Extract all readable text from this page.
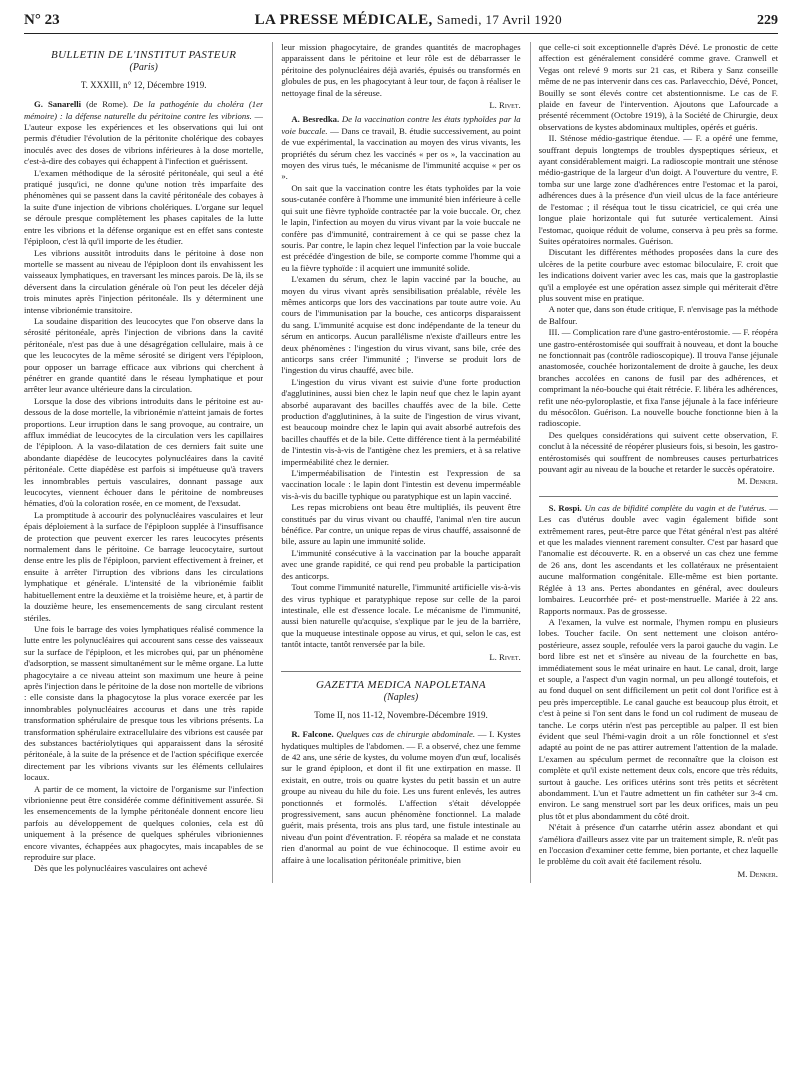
N° 23	LA PRESSE MÉDICALE, Samedi, 17 Avril 1920	229
BULLETIN DE L'INSTITUT PASTEUR
(Paris)
T. XXXIII, n° 12, Décembre 1919.

G. Sanarelli (de Rome). De la pathogénie du choléra (1er mémoire) : la défense naturelle du péritoine contre les vibrions. — L'auteur expose les expériences et les observations qui lui ont permis d'étudier l'évolution de la péritonite cholérique des cobayes inoculés avec des doses de vibrions inférieures à la dose mortelle, c'est-à-dire des cobayes qui échappent à l'infection et guérissent.

L'examen méthodique de la sérosité péritonéale, qui seul a été pratiqué jusqu'ici, ne donne qu'une notion très imparfaite des phénomènes qui se passent dans la cavité péritonéale des cobayes à la suite d'une injection de vibrions cholériques. L'organe sur lequel se déroule presque complètement les phases capitales de la lutte entre les vibrions et la défense organique est en effet sans conteste l'épiploon, c'est là qu'il importe de les étudier.

Les vibrions aussitôt introduits dans le péritoine à dose non mortelle se massent au niveau de l'épiploon dont ils envahissent les vaisseaux lymphatiques, en traversant les minces parois. De là, ils se déversent dans la circulation générale où l'on peut les déceler déjà trois minutes après l'injection péritonéale. Ils y déterminent une intense vibrionémie transitoire.

La soudaine disparition des leucocytes que l'on observe dans la sérosité péritonéale, après l'injection de vibrions dans la cavité péritonéale, n'est pas due à une désagrégation cellulaire, mais à ce que les leucocytes de la même sérosité se dirigent vers l'épiploon, pour opposer un barrage efficace aux vibrions qui cherchent à pénétrer en grande quantité dans le réseau lymphatique et pour arrêter leur avance ultérieure dans la circulation.

Lorsque la dose des vibrions introduits dans le péritoine est au-dessous de la dose mortelle, la vibrionémie n'atteint jamais de fortes proportions. Leur irruption dans le sang provoque, au contraire, un afflux immédiat de leucocytes de la circulation vers les capillaires de l'épiploon. A la vaso-dilatation de ces derniers fait suite une abondante diapédèse de leucocytes polynucléaires dans la cavité péritonéale. Cette diapédèse est parfois si impétueuse qu'à travers les innombrables pertuis vasculaires, donnant passage aux leucocytes, viennent échouer dans le péritoine de nombreuses hématies, d'où la coloration rosée, en ce moment, de l'exsudat.

La promptitude à accourir des polynucléaires vasculaires et leur épais déploiement à la surface de l'épiploon supplée à l'insuffisance de protection que peuvent exercer les rares leucocytes présents normalement dans le péritoine. Ce barrage leucocytaire, surtout dense entre les plis de l'épiploon, parvient effectivement à freiner, et ensuite à arrêter l'irruption des vibrions dans les circulations lymphatique et générale. L'intensité de la vibrionémie faiblit habituellement entre la deuxième et la troisième heure, et, à partir de la douzième heure, les ensemencements de sang circulant restent stériles.

Une fois le barrage des voies lymphatiques réalisé commence la lutte entre les polynucléaires qui accourent sans cesse des vaisseaux sur la surface de l'épiploon, et les microbes qui, par un phénomène d'adsorption, se massent simultanément sur le même organe. La lutte phagocytaire a ce niveau atteint son maximum une heure à peine après l'injection dans le péritoine de la dose non mortelle de vibrions : elle consiste dans la phagocytose la plus vorace exercée par les innombrables polynucléaires accourus et dans une très rapide transformation sphérulaire de presque tous les vibrions présents. La transformation sphérulaire extracellulaire des vibrions est causée par des substances bactériolytiques qui apparaissent dans la sérosité péritonéale, à la suite de la présence et de l'action spécifique exercée directement par les vibrions vivants sur les éléments cellulaires locaux.

A partir de ce moment, la victoire de l'organisme sur l'infection vibrionienne peut être considérée comme définitivement assurée. Si les ensemencements de la lymphe péritonéale donnent encore lieu parfois au développement de quelques colonies, cela est dû uniquement à la présence de quelques sphérules vibrioniennes encore vivantes, échappées aux phagocytes, mais incapables de se reproduire sur place.

Dès que les polynucléaires vasculaires ont achevé

leur mission phagocytaire, de grandes quantités de macrophages apparaissent dans le péritoine et leur rôle est de débarrasser le péritoine des polynucléaires déjà avariés, épuisés ou transformés en globules de pus, en les phagocytant à leur tour, de façon à réaliser le nettoyage final de la séreuse.

L. Rivet.

A. Besredka. De la vaccination contre les états typhoïdes par la voie buccale. — Dans ce travail, B. étudie successivement, au point de vue expérimental, la vaccination au moyen des virus vivants, les propriétés du sérum chez les vaccinés « per os », la vaccination au moyen des virus tués, le mécanisme de l'immunité acquise « per os ».

On sait que la vaccination contre les états typhoïdes par la voie sous-cutanée confère à l'homme une immunité bien inférieure à celle qui suit une fièvre typhoïde contractée par la voie buccale. Or, chez le lapin, l'infection au moyen du virus vivant par la voie buccale ne confère pas d'immunité, contrairement à ce qui se passe chez la souris. Par contre, le lapin chez lequel l'infection par la voie buccale est précédée d'ingestion de bile, se comporte comme l'homme qui a eu la fièvre typhoïde : il acquiert une immunité solide.

L'examen du sérum, chez le lapin vacciné par la bouche, au moyen du virus vivant après sensibilisation préalable, révèle les mêmes anticorps que lors des vaccinations par toute autre voie. Au cours de l'immunisation par la bouche, ces anticorps disparaissent du sang. L'immunité acquise est donc indépendante de la teneur du sérum en anticorps. Aucun parallélisme n'existe d'ailleurs entre les deux phénomènes : l'ingestion du virus vivant, sans bile, crée des anticorps sans créer l'immunité ; l'inverse se produit lors de l'ingestion du virus chauffé, avec bile.

L'ingestion du virus vivant est suivie d'une forte production d'agglutinines, aussi bien chez le lapin neuf que chez le lapin ayant absorbé auparavant des bacilles chauffés avec de la bile. Cette production d'agglutinines, à la suite de l'ingestion de virus vivant, est beaucoup moindre chez le lapin qui avait absorbé autrefois des bacilles chauffés et de la bile. Cette différence tient à la perméabilité de l'intestin vis-à-vis de l'antigène chez les premiers, et à sa relative imperméabilité chez le dernier.

L'imperméabilisation de l'intestin est l'expression de sa vaccination locale : le lapin dont l'intestin est devenu imperméable vis-à-vis du bacille typhique ou paratyphique est un lapin vacciné.

Les repas microbiens ont beau être multipliés, ils peuvent être constitués par du virus vivant ou chauffé, l'animal n'en tire aucun bénéfice. Par contre, un unique repas de virus chauffé, assaisonné de bile, assure au lapin une immunité solide.

L'immunité consécutive à la vaccination par la bouche apparaît avec une grande rapidité, ce qui rend peu probable la participation des anticorps.

Tout comme l'immunité naturelle, l'immunité artificielle vis-à-vis des virus typhique et paratyphique repose sur celle de la paroi intestinale, elle est d'essence locale. Le mécanisme de l'immunité, aussi bien naturelle qu'acquise, s'explique par le jeu de la barrière, que la muqueuse intestinale oppose au virus, et qui, selon le cas, est tantôt intacte, tantôt renversée par la bile.

L. Rivet.
GAZETTA MEDICA NAPOLETANA
(Naples)
Tome II, nos 11-12, Novembre-Décembre 1919.

R. Falcone. Quelques cas de chirurgie abdominale. — I. Kystes hydatiques multiples de l'abdomen. — F. a observé, chez une femme de 42 ans, une série de kystes, du volume moyen d'un œuf, localisés sur le grand épiploon, et dont il fit une extirpation en masse. Il existait, en outre, trois ou quatre kystes du petit bassin et un autre groupe au niveau du hile du foie. Les uns furent enlevés, les autres ponctionnés et formolés. L'affection s'était développée progressivement, sans aucun phénomène fonctionnel. La malade guérit, mais présenta, trois ans plus tard, une fistule intestinale au niveau d'un point d'éventration. F. réopéra sa malade et ne constata rien d'anormal au point de vue échinocoque. Il estime avoir eu affaire à une localisation péritonéale primitive, bien

que celle-ci soit exceptionnelle d'après Dévé. Le pronostic de cette affection est généralement considéré comme grave. Cranwell et Vegas ont relevé 9 morts sur 21 cas, et Ribera y Sanz conseille même de ne pas intervenir dans ces cas. Parlavecchio, Dévé, Poncet, Bouilly se sont élevés contre cet abstentionnisme. Le cas de F. plaide en faveur de l'intervention. Ajoutons que Lafourcade a présenté récemment (Octobre 1919), à la Société de Chirurgie, deux observations de kystes abdominaux multiples, opérés et guéris.

II. Sténose médio-gastrique étendue. — F. a opéré une femme, souffrant depuis longtemps de troubles dyspeptiques sérieux, et ayant considérablement maigri. La radioscopie montrait une sténose médio-gastrique de la largeur d'un doigt. A l'ouverture du ventre, F. tomba sur une large zone d'adhérences entre l'estomac et la paroi, adhérences dues à la présence d'un vieil ulcus de la face antérieure de l'estomac ; il réséqua tout le tissu cicatriciel, ce qui créa une longue plaie horizontale qui fut suturée verticalement. Ainsi l'estomac, quoique réduit de volume, conserva à peu près sa forme. Suites opératoires normales. Guérison.

Discutant les différentes méthodes proposées dans la cure des ulcères de la petite courbure avec estomac biloculaire, F. croit que les indications doivent varier avec les cas, mais que la gastroplastie qu'il a employée est une opération assez simple qui mériterait d'être plus souvent mise en pratique.

A noter que, dans son étude critique, F. n'envisage pas la méthode de Balfour.

III. — Complication rare d'une gastro-entérostomie. — F. réopéra une gastro-entérostomisée qui souffrait à nouveau, et dont la bouche ne fonctionnait pas (contrôle radioscopique). Il trouva l'anse jéjunale anastomosée, couchée horizontalement de droite à gauche, les deux branches accolées en canons de fusil par des adhérences, et comprimant la néo-bouche qui était rétrécie. F. libéra les adhérences, refit une néo-pyloroplastie, et fixa l'anse jéjunale à la face inférieure du mésocôlon. Guérison. La nouvelle bouche fonctionne bien à la radioscopie.

Des quelques considérations qui suivent cette observation, F. conclut à la nécessité de réopérer plusieurs fois, si besoin, les gastro-entérostomisés qui souffrent de nombreuses causes perturbatrices pouvant agir au niveau de la bouche et retarder le succès opératoire.

M. Denker.

S. Rospi. Un cas de bifidité complète du vagin et de l'utérus. — Les cas d'utérus double avec vagin également bifide sont extrêmement rares, peut-être parce que l'état général n'est pas altéré et que les malades viennent rarement consulter. C'est par hasard que l'anomalie est découverte. R. en a observé un cas chez une femme de 26 ans, dont les ascendants et les collatéraux ne présentaient aucune malformation congénitale. Elle-même est bien portante. Réglée à 13 ans. Pertes abondantes en général, avec douleurs lombaires. Leucorrhée pré- et post-menstruelle. Mariée à 22 ans. Rapports normaux. Pas de grossesse.

A l'examen, la vulve est normale, l'hymen rompu en plusieurs lobes. Toucher facile. On sent nettement une cloison antéro-postérieure, assez souple, refoulée vers la paroi gauche du vagin. Le bord libre est net et s'insère au niveau de la fourchette en bas, immédiatement sous le méat urinaire en haut. Le canal, droit, large et souple, a l'aspect d'un vagin normal, un peu allongé toutefois, et au fond duquel on sent difficilement un petit col dont l'orifice est à peu près imperceptible. Le canal gauche est beaucoup plus étroit, et c'est à peine si l'on sent dans le fond un col rudiment de museau de tanche. Le corps utérin n'est pas perceptible au palper. Il est bien évident que seul l'hémi-vagin droit a un rôle fonctionnel et s'est adapté au point de ne pas attirer autrement l'attention de la malade. L'examen au spéculum permet de reconnaître que la cloison est complète et qu'il existe nettement deux cols, encore que très réduits, surtout à gauche. Les orifices utérins sont très petits et sécrètent abondamment. L'un et l'autre admettent un fin cathéter sur 3-4 cm. environ. Le sang menstruel sort par les deux orifices, mais un peu plus tôt et plus abondamment du côté droit.

N'était à présence d'un catarrhe utérin assez abondant et qui s'améliora d'ailleurs assez vite par un traitement simple, R. n'eût pas en l'occasion d'examiner cette femme, bien portante, et chez laquelle le problème du coït avait été facilement résolu.

M. Denker.
